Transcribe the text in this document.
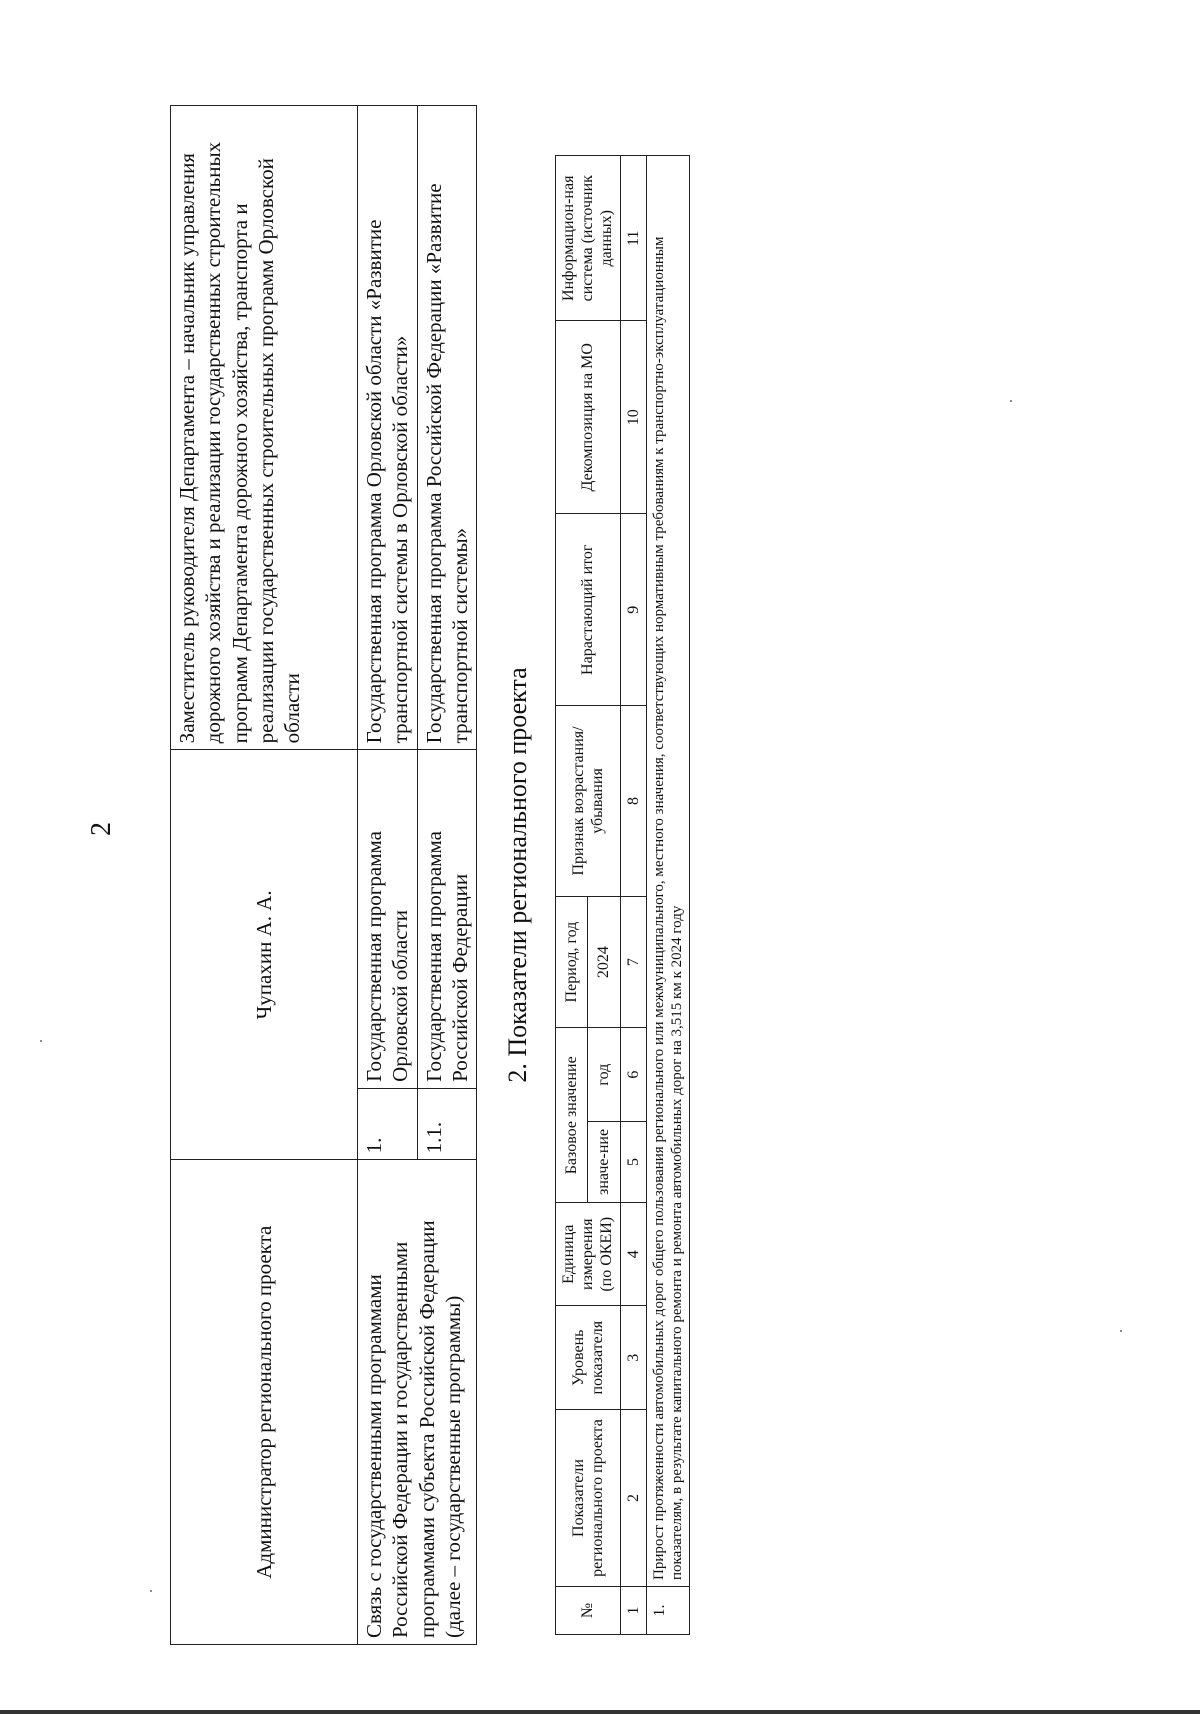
2
Администратор регионального проекта	Чупахин А. А.		Заместитель руководителя Департамента – начальник управления дорожного хозяйства и реализации государственных строительных программ Департамента дорожного хозяйства, транспорта и реализации государственных строительных программ Орловской области
Связь с государственными программами Российской Федерации и государственными программами субъекта Российской Федерации (далее – государственные программы)	1.	Государственная программа Орловской области	Государственная программа Орловской области «Развитие транспортной системы в Орловской области»
	1.1.	Государственная программа Российской Федерации	Государственная программа Российской Федерации «Развитие транспортной системы»
2. Показатели регионального проекта
№	Показатели регионального проекта	Уровень показателя	Единица измерения (по ОКЕИ)	Базовое значение		Период, год	Признак возрастания/ убывания	Нарастающий итог	Декомпозиция на МО	Информацион-ная система (источник данных)
				значе-ние	год	2024				
1	2	3	4	5	6	7	8	9	10	11
1.	Прирост протяженности автомобильных дорог общего пользования регионального или межмуниципального, местного значения, соответствующих нормативным требованиям к транспортно-эксплуатационным показателям, в результате капитального ремонта и ремонта автомобильных дорог на 3,515 км к 2024 году									
